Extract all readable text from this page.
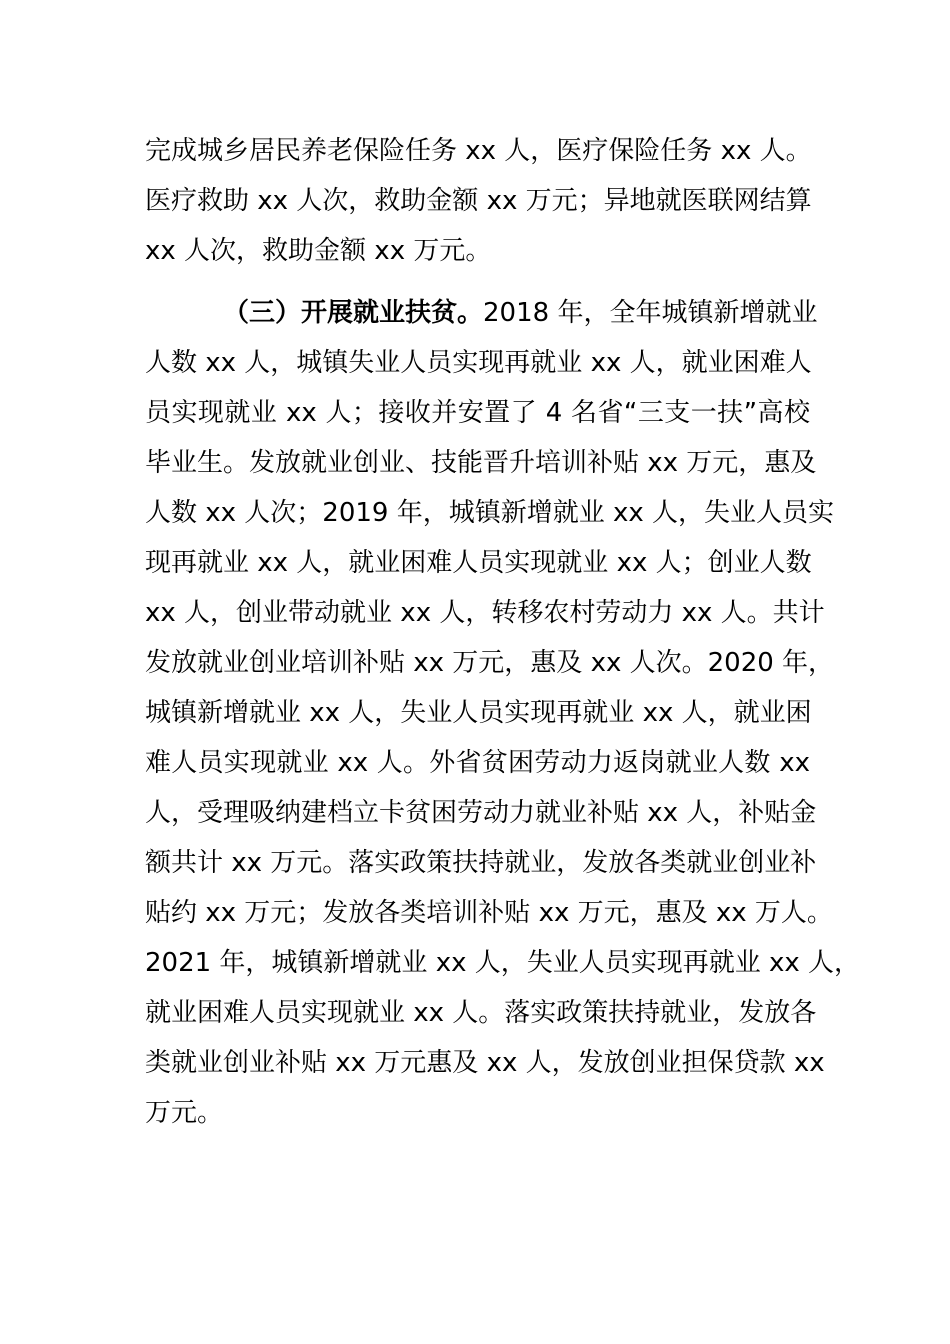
完成城乡居民养老保险任务 xx 人，医疗保险任务 xx 人。
医疗救助 xx 人次，救助金额 xx 万元；异地就医联网结算
xx 人次，救助金额 xx 万元。
（三）开展就业扶贫。2018 年，全年城镇新增就业
人数 xx 人，城镇失业人员实现再就业 xx 人，就业困难人
员实现就业 xx 人；接收并安置了 4 名省“三支一扶”高校
毕业生。发放就业创业、技能晋升培训补贴 xx 万元，惠及
人数 xx 人次；2019 年，城镇新增就业 xx 人，失业人员实
现再就业 xx 人，就业困难人员实现就业 xx 人；创业人数
xx 人，创业带动就业 xx 人，转移农村劳动力 xx 人。共计
发放就业创业培训补贴 xx 万元，惠及 xx 人次。2020 年，
城镇新增就业 xx 人，失业人员实现再就业 xx 人，就业困
难人员实现就业 xx 人。外省贫困劳动力返岗就业人数 xx
人，受理吸纳建档立卡贫困劳动力就业补贴 xx 人，补贴金
额共计 xx 万元。落实政策扶持就业，发放各类就业创业补
贴约 xx 万元；发放各类培训补贴 xx 万元，惠及 xx 万人。
2021 年，城镇新增就业 xx 人，失业人员实现再就业 xx 人，
就业困难人员实现就业 xx 人。落实政策扶持就业，发放各
类就业创业补贴 xx 万元惠及 xx 人，发放创业担保贷款 xx
万元。
